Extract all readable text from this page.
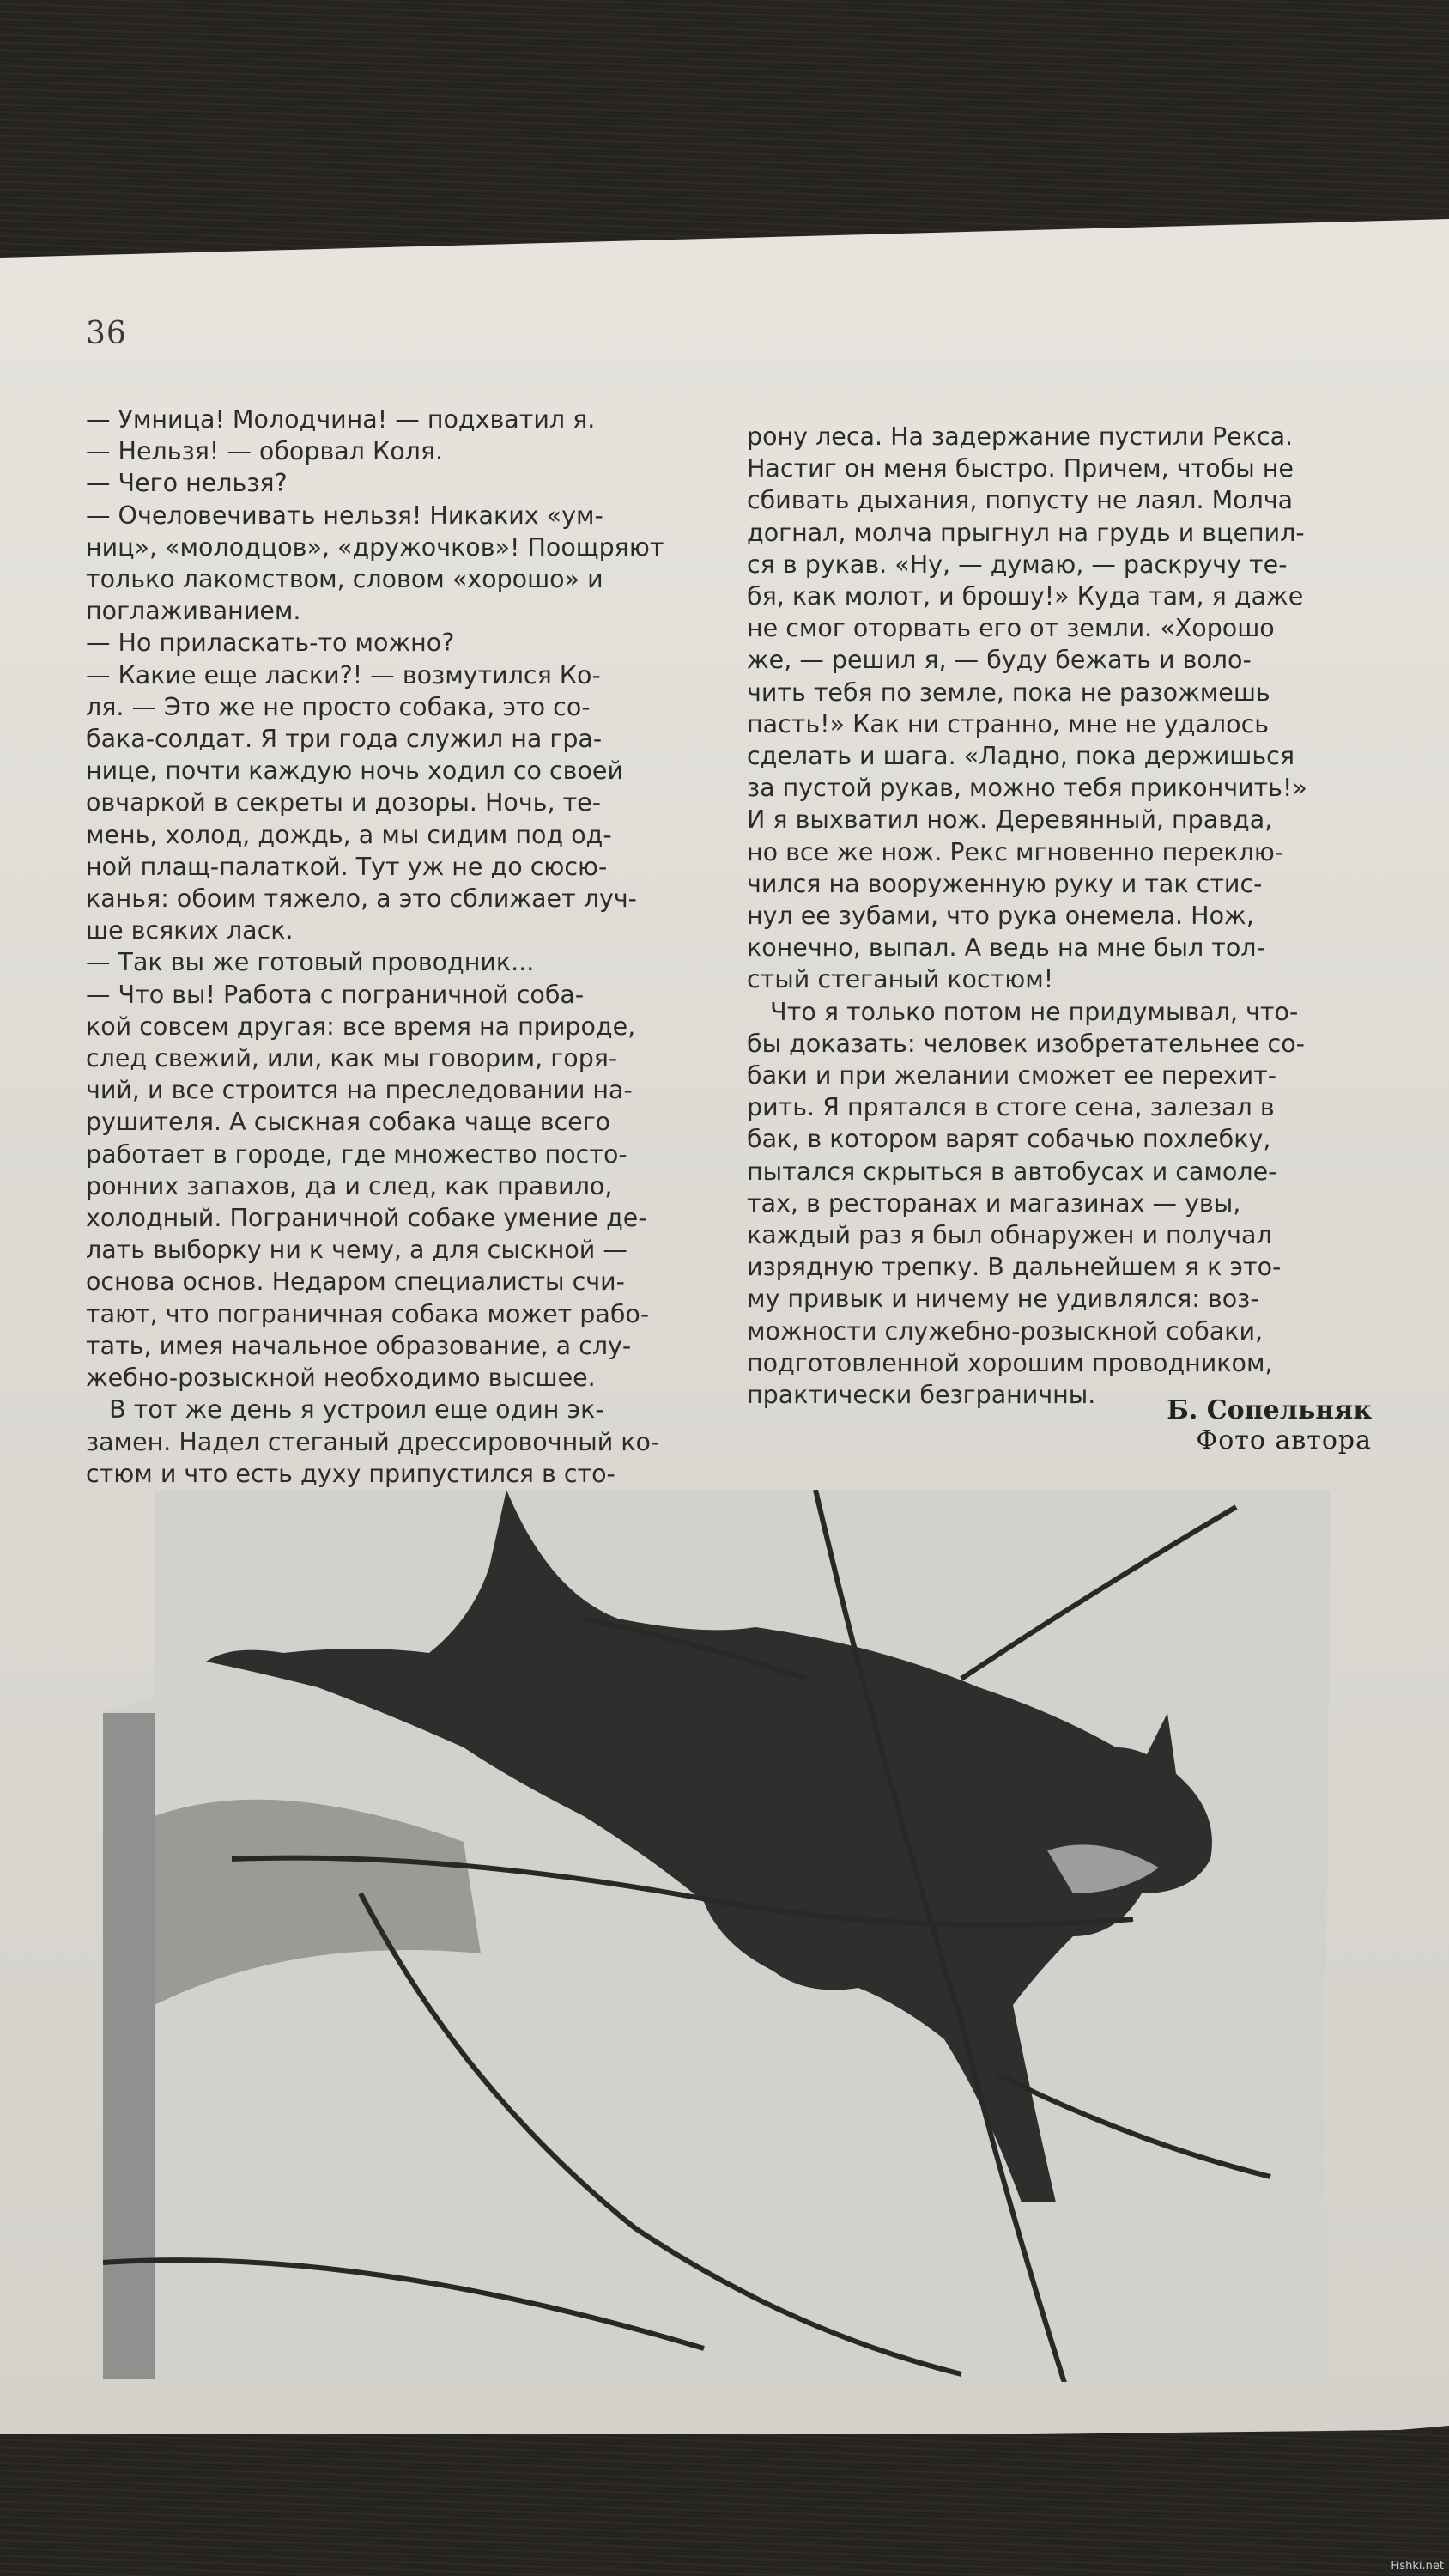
36

— Умница! Молодчина! — подхватил я.

— Нельзя! — оборвал Коля.

— Чего нельзя?

— Очеловечивать нельзя! Никаких «ум-

ниц», «молодцов», «дружочков»! Поощряют

только лакомством, словом «хорошо» и

поглаживанием.

— Но приласкать-то можно?

— Какие еще ласки?! — возмутился Ко-

ля. — Это же не просто собака, это со-

бака-солдат. Я три года служил на гра-

нице, почти каждую ночь ходил со своей

овчаркой в секреты и дозоры. Ночь, те-

мень, холод, дождь, а мы сидим под од-

ной плащ-палаткой. Тут уж не до сюсю-

канья: обоим тяжело, а это сближает луч-

ше всяких ласк.

— Так вы же готовый проводник...

— Что вы! Работа с пограничной соба-

кой совсем другая: все время на природе,

след свежий, или, как мы говорим, горя-

чий, и все строится на преследовании на-

рушителя. А сыскная собака чаще всего

работает в городе, где множество посто-

ронних запахов, да и след, как правило,

холодный. Пограничной собаке умение де-

лать выборку ни к чему, а для сыскной —

основа основ. Недаром специалисты счи-

тают, что пограничная собака может рабо-

тать, имея начальное образование, а слу-

жебно-розыскной необходимо высшее.

В тот же день я устроил еще один эк-

замен. Надел стеганый дрессировочный ко-

стюм и что есть духу припустился в сто-

рону леса. На задержание пустили Рекса.

Настиг он меня быстро. Причем, чтобы не

сбивать дыхания, попусту не лаял. Молча

догнал, молча прыгнул на грудь и вцепил-

ся в рукав. «Ну, — думаю, — раскручу те-

бя, как молот, и брошу!» Куда там, я даже

не смог оторвать его от земли. «Хорошо

же, — решил я, — буду бежать и воло-

чить тебя по земле, пока не разожмешь

пасть!» Как ни странно, мне не удалось

сделать и шага. «Ладно, пока держишься

за пустой рукав, можно тебя прикончить!»

И я выхватил нож. Деревянный, правда,

но все же нож. Рекс мгновенно переклю-

чился на вооруженную руку и так стис-

нул ее зубами, что рука онемела. Нож,

конечно, выпал. А ведь на мне был тол-

стый стеганый костюм!

Что я только потом не придумывал, что-

бы доказать: человек изобретательнее со-

баки и при желании сможет ее перехит-

рить. Я прятался в стоге сена, залезал в

бак, в котором варят собачью похлебку,

пытался скрыться в автобусах и самоле-

тах, в ресторанах и магазинах — увы,

каждый раз я был обнаружен и получал

изрядную трепку. В дальнейшем я к это-

му привык и ничему не удивлялся: воз-

можности служебно-розыскной собаки,

подготовленной хорошим проводником,

практически безграничны.

Б. Сопельняк
Фото автора
Fishki.net
